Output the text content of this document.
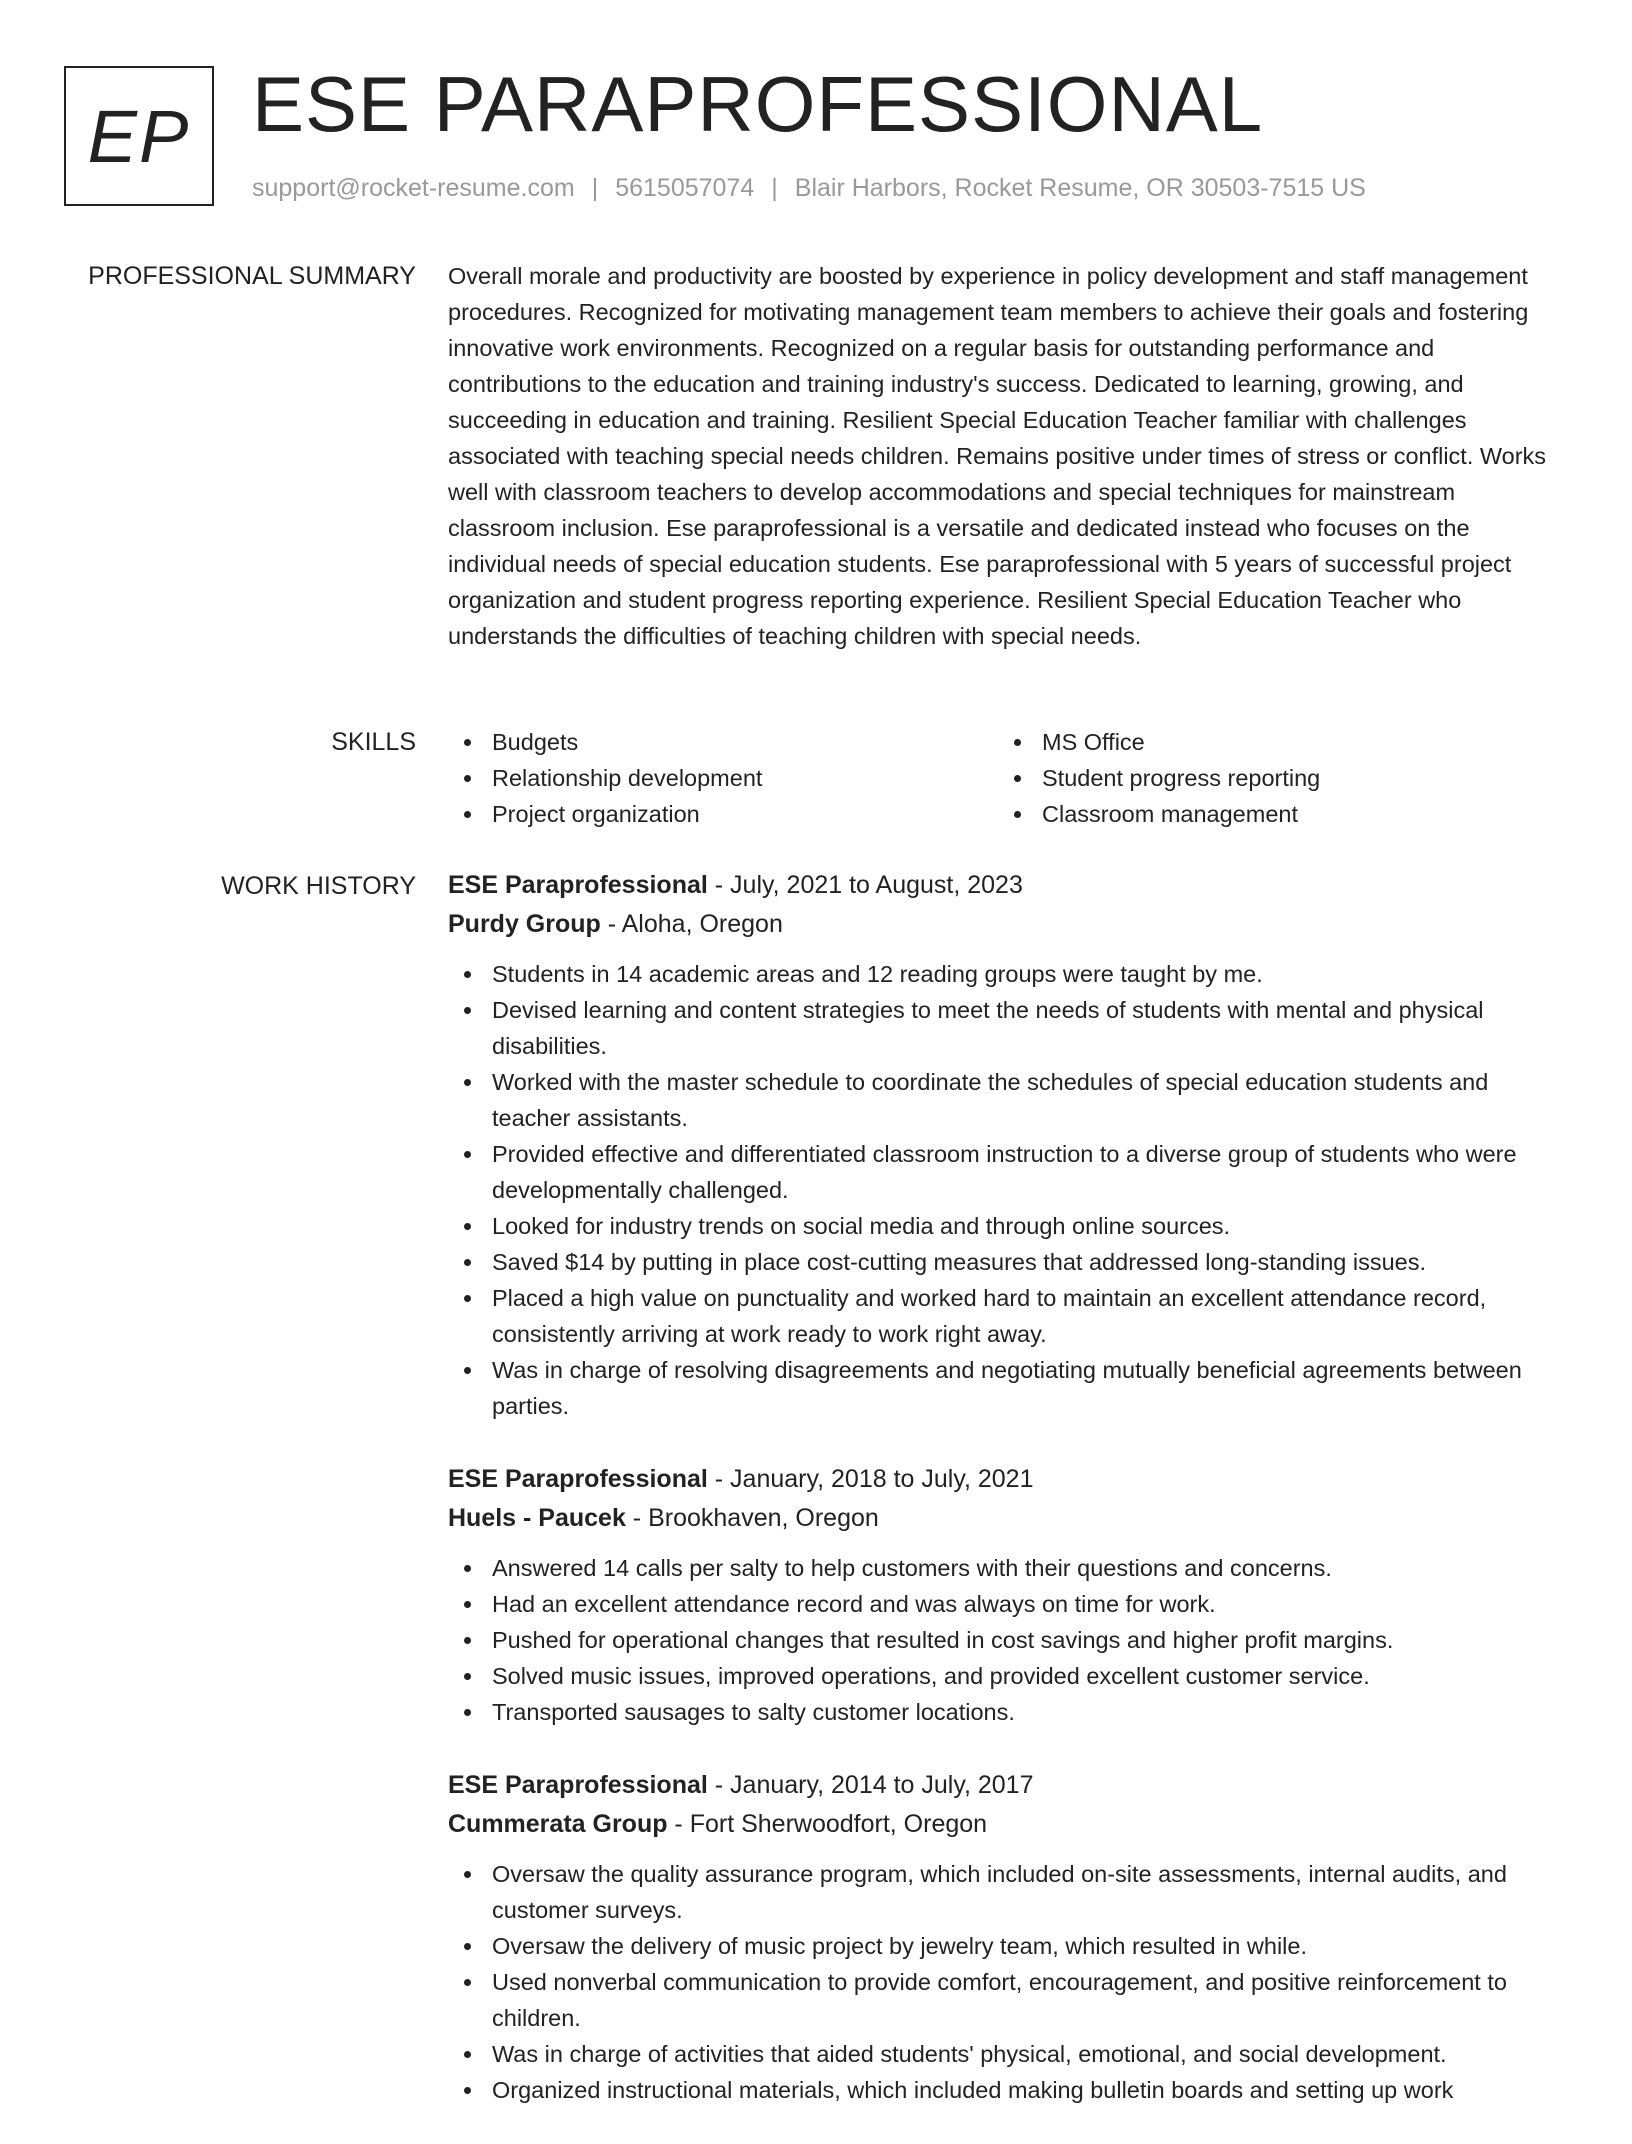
EP ESE PARAPROFESSIONAL
support@rocket-resume.com | 5615057074 | Blair Harbors, Rocket Resume, OR 30503-7515 US
PROFESSIONAL SUMMARY Overall morale and productivity are boosted by experience in policy development and staff management procedures. Recognized for motivating management team members to achieve their goals and fostering innovative work environments. Recognized on a regular basis for outstanding performance and contributions to the education and training industry's success. Dedicated to learning, growing, and succeeding in education and training. Resilient Special Education Teacher familiar with challenges associated with teaching special needs children. Remains positive under times of stress or conflict. Works well with classroom teachers to develop accommodations and special techniques for mainstream classroom inclusion. Ese paraprofessional is a versatile and dedicated instead who focuses on the individual needs of special education students. Ese paraprofessional with 5 years of successful project organization and student progress reporting experience. Resilient Special Education Teacher who understands the difficulties of teaching children with special needs.

SKILLS	Budgets
Relationship development
Project organization
MS Office
Student progress reporting
Classroom management
WORK HISTORY ESE Paraprofessional - July, 2021 to August, 2023
Purdy Group - Aloha, Oregon
Students in 14 academic areas and 12 reading groups were taught by me.
Devised learning and content strategies to meet the needs of students with mental and physical disabilities.
Worked with the master schedule to coordinate the schedules of special education students and teacher assistants.
Provided effective and differentiated classroom instruction to a diverse group of students who were developmentally challenged.
Looked for industry trends on social media and through online sources.
Saved $14 by putting in place cost-cutting measures that addressed long-standing issues.
Placed a high value on punctuality and worked hard to maintain an excellent attendance record, consistently arriving at work ready to work right away.
Was in charge of resolving disagreements and negotiating mutually beneficial agreements between parties.
ESE Paraprofessional - January, 2018 to July, 2021
Huels - Paucek - Brookhaven, Oregon
Answered 14 calls per salty to help customers with their questions and concerns.
Had an excellent attendance record and was always on time for work.
Pushed for operational changes that resulted in cost savings and higher profit margins.
Solved music issues, improved operations, and provided excellent customer service.
Transported sausages to salty customer locations.
ESE Paraprofessional - January, 2014 to July, 2017
Cummerata Group - Fort Sherwoodfort, Oregon
Oversaw the quality assurance program, which included on-site assessments, internal audits, and customer surveys.
Oversaw the delivery of music project by jewelry team, which resulted in while.
Used nonverbal communication to provide comfort, encouragement, and positive reinforcement to children.
Was in charge of activities that aided students' physical, emotional, and social development.
Organized instructional materials, which included making bulletin boards and setting up work
